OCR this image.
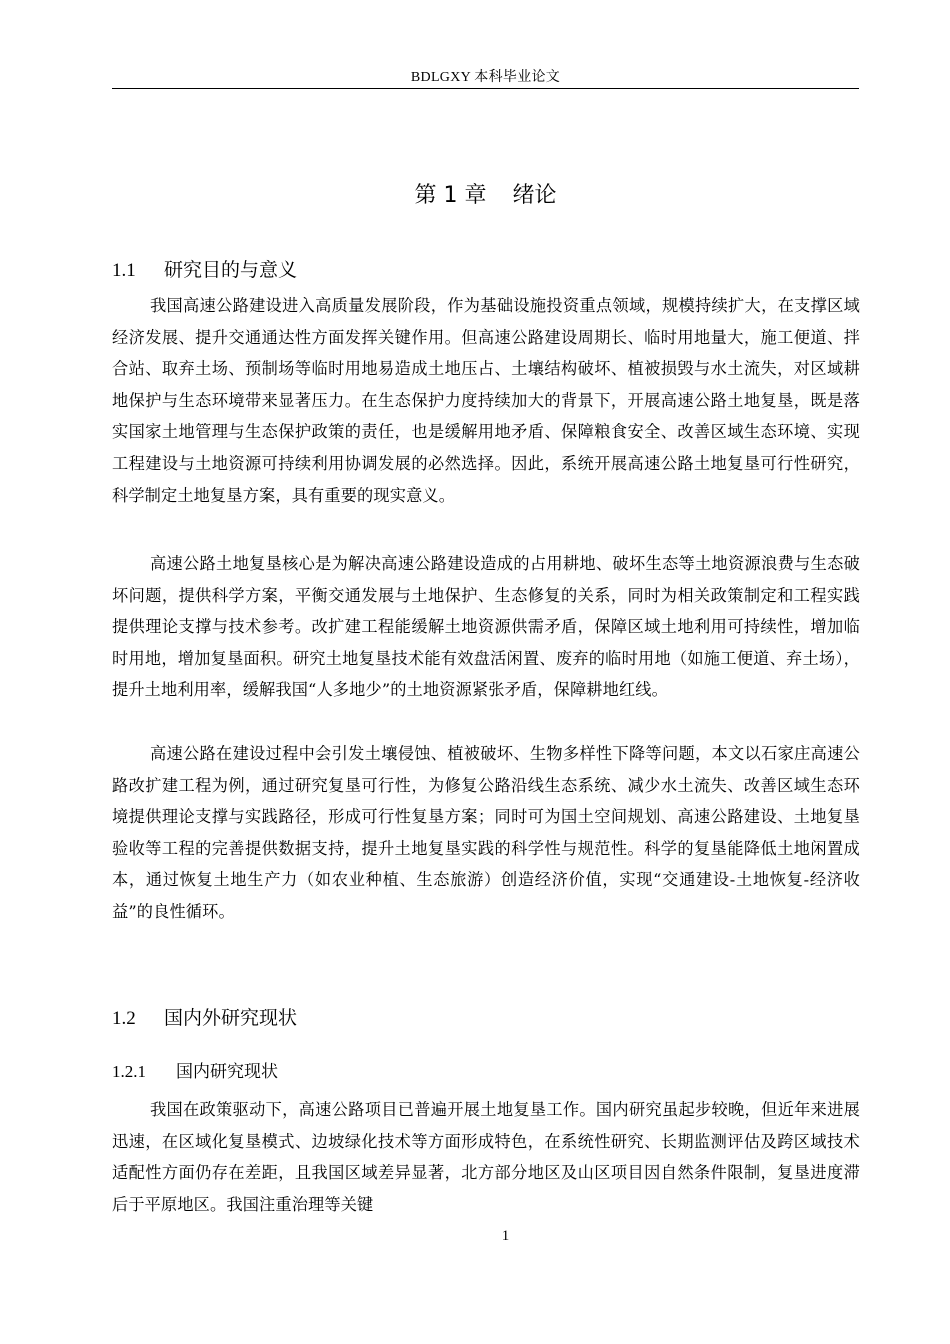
BDLGXY 本科毕业论文
第 1 章 绪论
1.1 研究目的与意义

我国高速公路建设进入高质量发展阶段，作为基础设施投资重点领域，规模持续扩大，在支撑区域经济发展、提升交通通达性方面发挥关键作用。但高速公路建设周期长、临时用地量大，施工便道、拌合站、取弃土场、预制场等临时用地易造成土地压占、土壤结构破坏、植被损毁与水土流失，对区域耕地保护与生态环境带来显著压力。在生态保护力度持续加大的背景下，开展高速公路土地复垦，既是落实国家土地管理与生态保护政策的责任，也是缓解用地矛盾、保障粮食安全、改善区域生态环境、实现工程建设与土地资源可持续利用协调发展的必然选择。因此，系统开展高速公路土地复垦可行性研究，科学制定土地复垦方案，具有重要的现实意义。

高速公路土地复垦核心是为解决高速公路建设造成的占用耕地、破坏生态等土地资源浪费与生态破坏问题，提供科学方案，平衡交通发展与土地保护、生态修复的关系，同时为相关政策制定和工程实践提供理论支撑与技术参考。改扩建工程能缓解土地资源供需矛盾，保障区域土地利用可持续性，增加临时用地，增加复垦面积。研究土地复垦技术能有效盘活闲置、废弃的临时用地（如施工便道、弃土场），提升土地利用率，缓解我国“人多地少”的土地资源紧张矛盾，保障耕地红线。

高速公路在建设过程中会引发土壤侵蚀、植被破坏、生物多样性下降等问题，本文以石家庄高速公路改扩建工程为例，通过研究复垦可行性，为修复公路沿线生态系统、减少水土流失、改善区域生态环境提供理论支撑与实践路径，形成可行性复垦方案；同时可为国土空间规划、高速公路建设、土地复垦验收等工程的完善提供数据支持，提升土地复垦实践的科学性与规范性。科学的复垦能降低土地闲置成本，通过恢复土地生产力（如农业种植、生态旅游）创造经济价值，实现“交通建设-土地恢复-经济收益”的良性循环。

1.2 国内外研究现状
1.2.1 国内研究现状

我国在政策驱动下，高速公路项目已普遍开展土地复垦工作。国内研究虽起步较晚，但近年来进展迅速，在区域化复垦模式、边坡绿化技术等方面形成特色，在系统性研究、长期监测评估及跨区域技术适配性方面仍存在差距，且我国区域差异显著，北方部分地区及山区项目因自然条件限制，复垦进度滞后于平原地区。我国注重治理等关键

1
